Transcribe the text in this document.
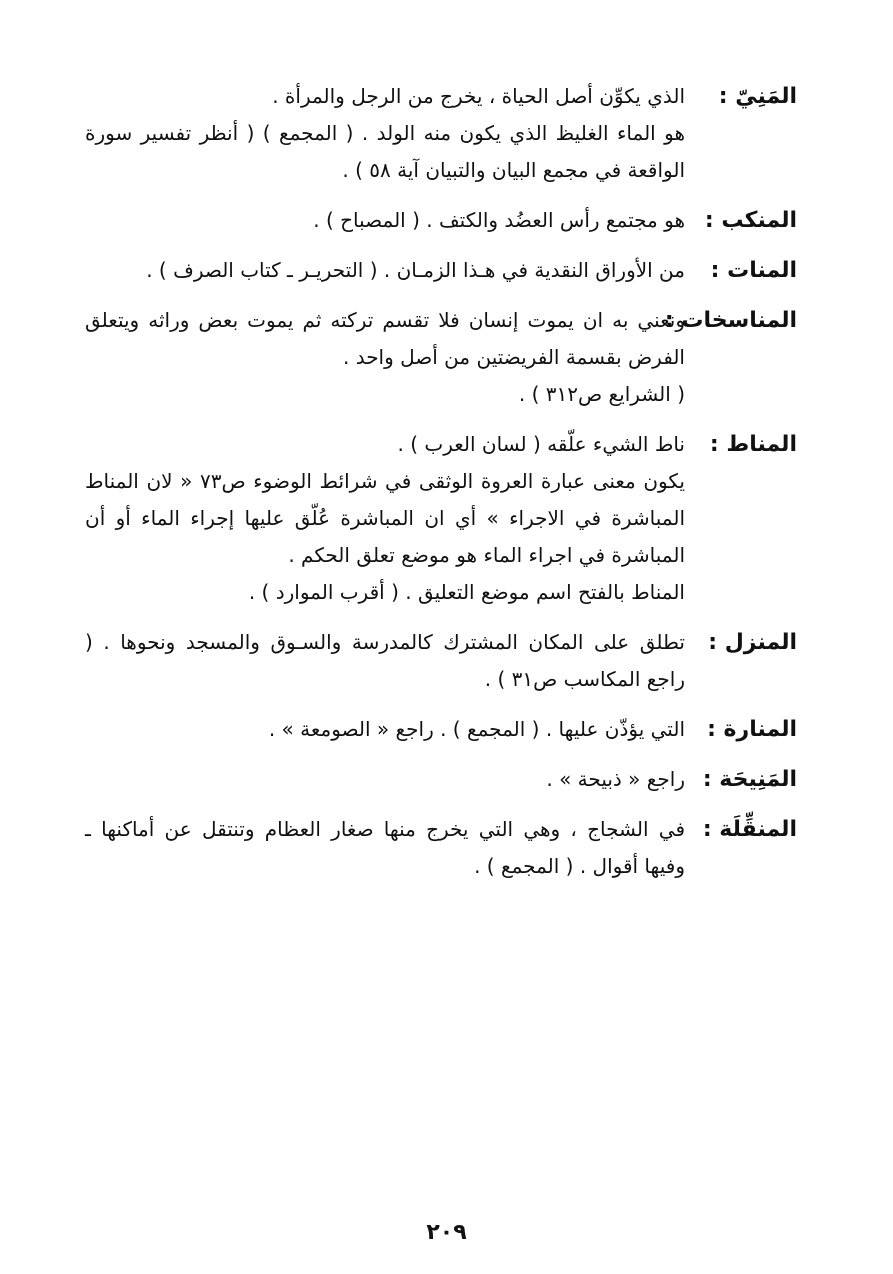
المَنِيّ :
الذي يكوِّن أصل الحياة ، يخرج من الرجل والمرأة .
هو الماء الغليظ الذي يكون منه الولد . ( المجمع ) ( أنظر تفسير سورة الواقعة في مجمع البيان والتبيان آية ٥٨ ) .
المنكب :
هو مجتمع رأس العضُد والكتف . ( المصباح ) .
المنات :
من الأوراق النقدية في هـذا الزمـان . ( التحريـر ـ كتاب الصرف ) .
المناسخات :
ونعني به ان يموت إنسان فلا تقسم تركته ثم يموت بعض وراثه ويتعلق الفرض بقسمة الفريضتين من أصل واحد .
( الشرايع ص٣١٢ ) .
المناط :
ناط الشيء علّقه ( لسان العرب ) .
يكون معنى عبارة العروة الوثقى في شرائط الوضوء ص٧٣ « لان المناط المباشرة في الاجراء » أي ان المباشرة عُلّق عليها إجراء الماء أو أن المباشرة في اجراء الماء هو موضع تعلق الحكم .
المناط بالفتح اسم موضع التعليق . ( أقرب الموارد ) .
المنزل :
تطلق على المكان المشترك كالمدرسة والسـوق والمسجد ونحوها . ( راجع المكاسب ص٣١ ) .
المنارة :
التي يؤذّن عليها . ( المجمع ) . راجع « الصومعة » .
المَنِيحَة :
راجع « ذبيحة » .
المنقِّلَة :
في الشجاج ، وهي التي يخرج منها صغار العظام وتنتقل عن أماكنها ـ وفيها أقوال . ( المجمع ) .
٢٠٩
